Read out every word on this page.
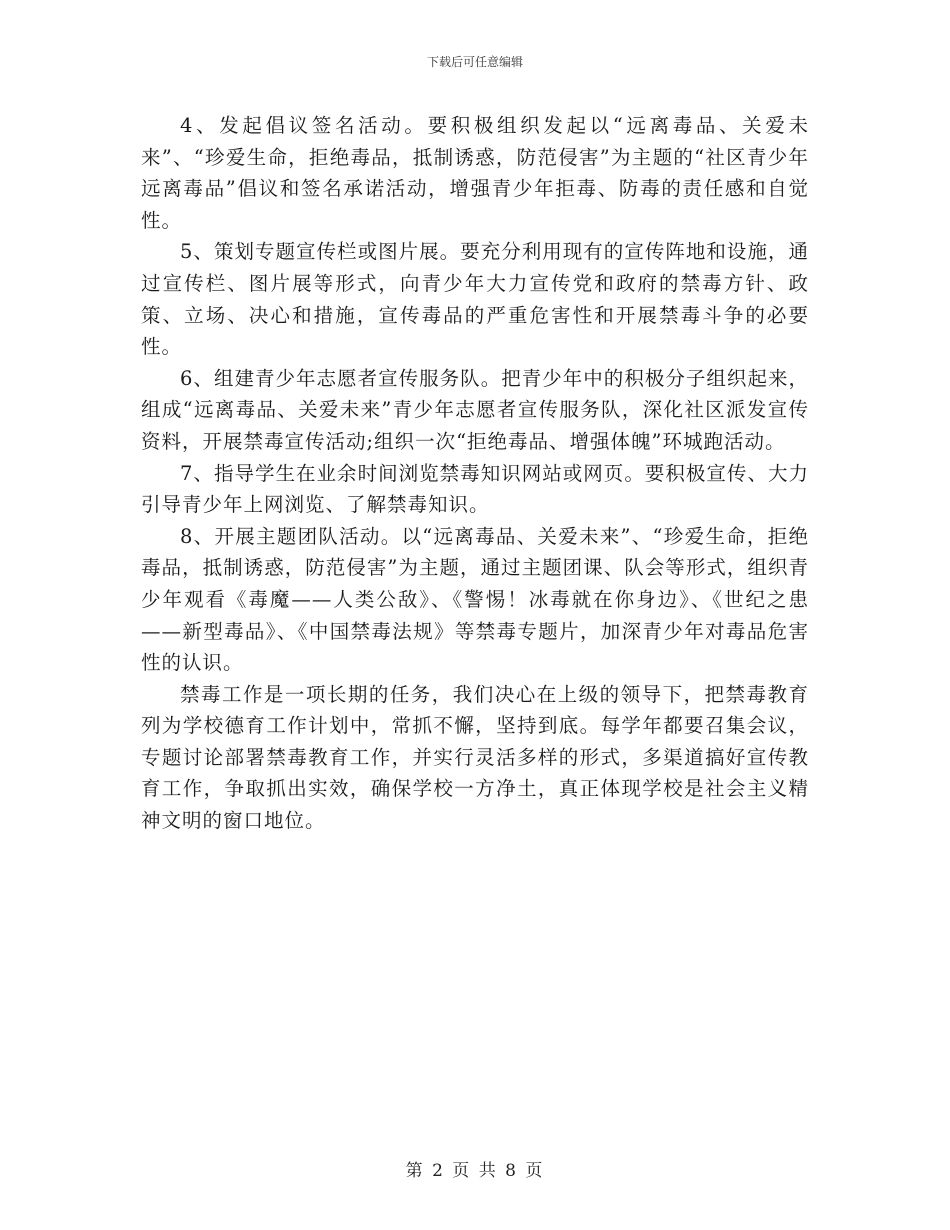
下载后可任意编辑

4、发起倡议签名活动。要积极组织发起以“远离毒品、关爱未来”、“珍爱生命，拒绝毒品，抵制诱惑，防范侵害”为主题的“社区青少年远离毒品”倡议和签名承诺活动，增强青少年拒毒、防毒的责任感和自觉性。

5、策划专题宣传栏或图片展。要充分利用现有的宣传阵地和设施，通过宣传栏、图片展等形式，向青少年大力宣传党和政府的禁毒方针、政策、立场、决心和措施，宣传毒品的严重危害性和开展禁毒斗争的必要性。

6、组建青少年志愿者宣传服务队。把青少年中的积极分子组织起来，组成“远离毒品、关爱未来”青少年志愿者宣传服务队，深化社区派发宣传资料，开展禁毒宣传活动;组织一次“拒绝毒品、增强体魄”环城跑活动。

7、指导学生在业余时间浏览禁毒知识网站或网页。要积极宣传、大力引导青少年上网浏览、了解禁毒知识。

8、开展主题团队活动。以“远离毒品、关爱未来”、“珍爱生命，拒绝毒品，抵制诱惑，防范侵害”为主题，通过主题团课、队会等形式，组织青少年观看《毒魔——人类公敌》、《警惕！冰毒就在你身边》、《世纪之患——新型毒品》、《中国禁毒法规》等禁毒专题片，加深青少年对毒品危害性的认识。

禁毒工作是一项长期的任务，我们决心在上级的领导下，把禁毒教育列为学校德育工作计划中，常抓不懈，坚持到底。每学年都要召集会议，专题讨论部署禁毒教育工作，并实行灵活多样的形式，多渠道搞好宣传教育工作，争取抓出实效，确保学校一方净土，真正体现学校是社会主义精神文明的窗口地位。

第 2 页 共 8 页
